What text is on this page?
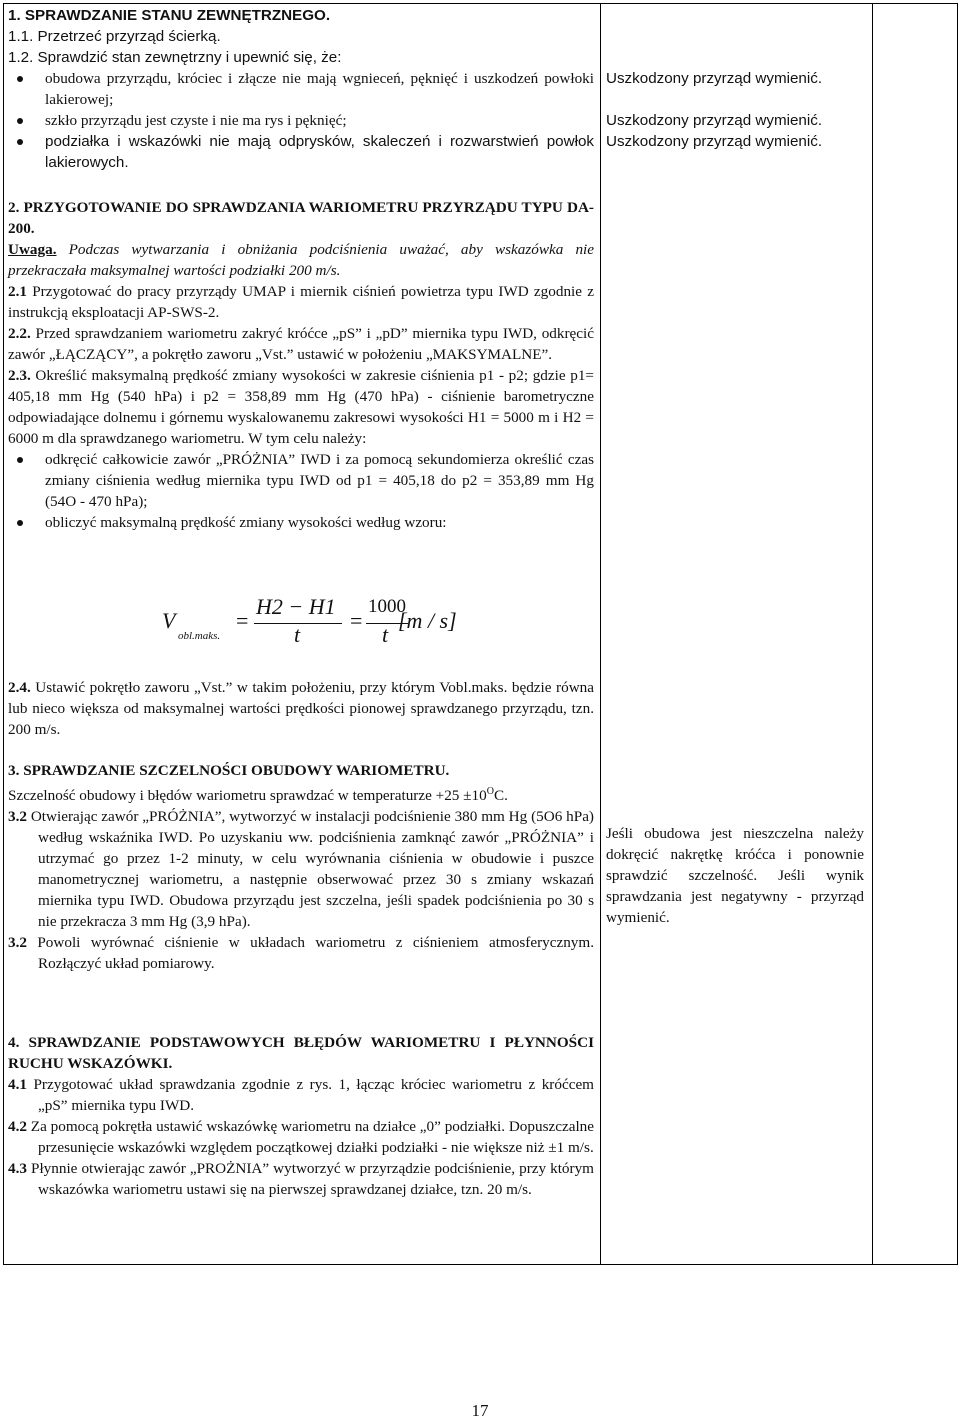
1. SPRAWDZANIE STANU ZEWNĘTRZNEGO.

1.1. Przetrzeć przyrząd ścierką.

1.2. Sprawdzić stan zewnętrzny i upewnić się, że:

obudowa przyrządu, króciec i złącze nie mają wgnieceń, pęknięć i uszkodzeń powłoki lakierowej;
szkło przyrządu jest czyste i nie ma rys i pęknięć;
podziałka i wskazówki nie mają odprysków, skaleczeń i rozwarstwień powłok lakierowych.

Uszkodzony przyrząd wymienić.

Uszkodzony przyrząd wymienić.

Uszkodzony przyrząd wymienić.

2. PRZYGOTOWANIE DO SPRAWDZANIA WARIOMETRU PRZYRZĄDU TYPU DA-200.

Uwaga. Podczas wytwarzania i obniżania podciśnienia uważać, aby wskazówka nie przekraczała maksymalnej wartości podziałki 200 m/s.

2.1 Przygotować do pracy przyrządy UMAP i miernik ciśnień powietrza typu IWD zgodnie z instrukcją eksploatacji AP-SWS-2.

2.2. Przed sprawdzaniem wariometru zakryć króćce „pS” i „pD” miernika typu IWD, odkręcić zawór „ŁĄCZĄCY”, a pokrętło zaworu „Vst.” ustawić w położeniu „MAKSYMALNE”.

2.3. Określić maksymalną prędkość zmiany wysokości w zakresie ciśnienia p1 - p2; gdzie p1= 405,18 mm Hg (540 hPa) i p2 = 358,89 mm Hg (470 hPa) - ciśnienie barometryczne odpowiadające dolnemu i górnemu wyskalowanemu zakresowi wysokości H1 = 5000 m i H2 = 6000 m dla sprawdzanego wariometru. W tym celu należy:

odkręcić całkowicie zawór „PRÓŻNIA” IWD i za pomocą sekundomierza określić czas zmiany ciśnienia według miernika typu IWD od p1 = 405,18 do p2 = 353,89 mm Hg (54O - 470 hPa);
obliczyć maksymalną prędkość zmiany wysokości według wzoru:
V
obl.maks.
=
H2 − H1
t
=
1000
t
[m / s]

2.4. Ustawić pokrętło zaworu „Vst.” w takim położeniu, przy którym Vobl.maks. będzie równa lub nieco większa od maksymalnej wartości prędkości pionowej sprawdzanego przyrządu, tzn. 200 m/s.

3. SPRAWDZANIE SZCZELNOŚCI OBUDOWY WARIOMETRU.

Szczelność obudowy i błędów wariometru sprawdzać w temperaturze $+25 \pm 10^OC$.

3.2 Otwierając zawór „PRÓŻNIA”, wytworzyć w instalacji podciśnienie 380 mm Hg (5O6 hPa) według wskaźnika IWD. Po uzyskaniu ww. podciśnienia zamknąć zawór „PRÓŻNIA” i utrzymać go przez 1-2 minuty, w celu wyrównania ciśnienia w obudowie i puszce manometrycznej wariometru, a następnie obserwować przez 30 s zmiany wskazań miernika typu IWD. Obudowa przyrządu jest szczelna, jeśli spadek podciśnienia po 30 s nie przekracza 3 mm Hg (3,9 hPa).

3.2 Powoli wyrównać ciśnienie w układach wariometru z ciśnieniem atmosferycznym. Rozłączyć układ pomiarowy.

Jeśli obudowa jest nieszczelna należy dokręcić nakrętkę króćca i ponownie sprawdzić szczelność. Jeśli wynik sprawdzania jest negatywny - przyrząd wymienić.

4. SPRAWDZANIE PODSTAWOWYCH BŁĘDÓW WARIOMETRU I PŁYNNOŚCI RUCHU WSKAZÓWKI.

4.1 Przygotować układ sprawdzania zgodnie z rys. 1, łącząc króciec wariometru z króćcem „pS” miernika typu IWD.

4.2 Za pomocą pokrętła ustawić wskazówkę wariometru na działce „0” podziałki. Dopuszczalne przesunięcie wskazówki względem początkowej działki podziałki - nie większe niż ±1 m/s.

4.3 Płynnie otwierając zawór „PROŻNIA” wytworzyć w przyrządzie podciśnienie, przy którym wskazówka wariometru ustawi się na pierwszej sprawdzanej działce, tzn. 20 m/s.

17
